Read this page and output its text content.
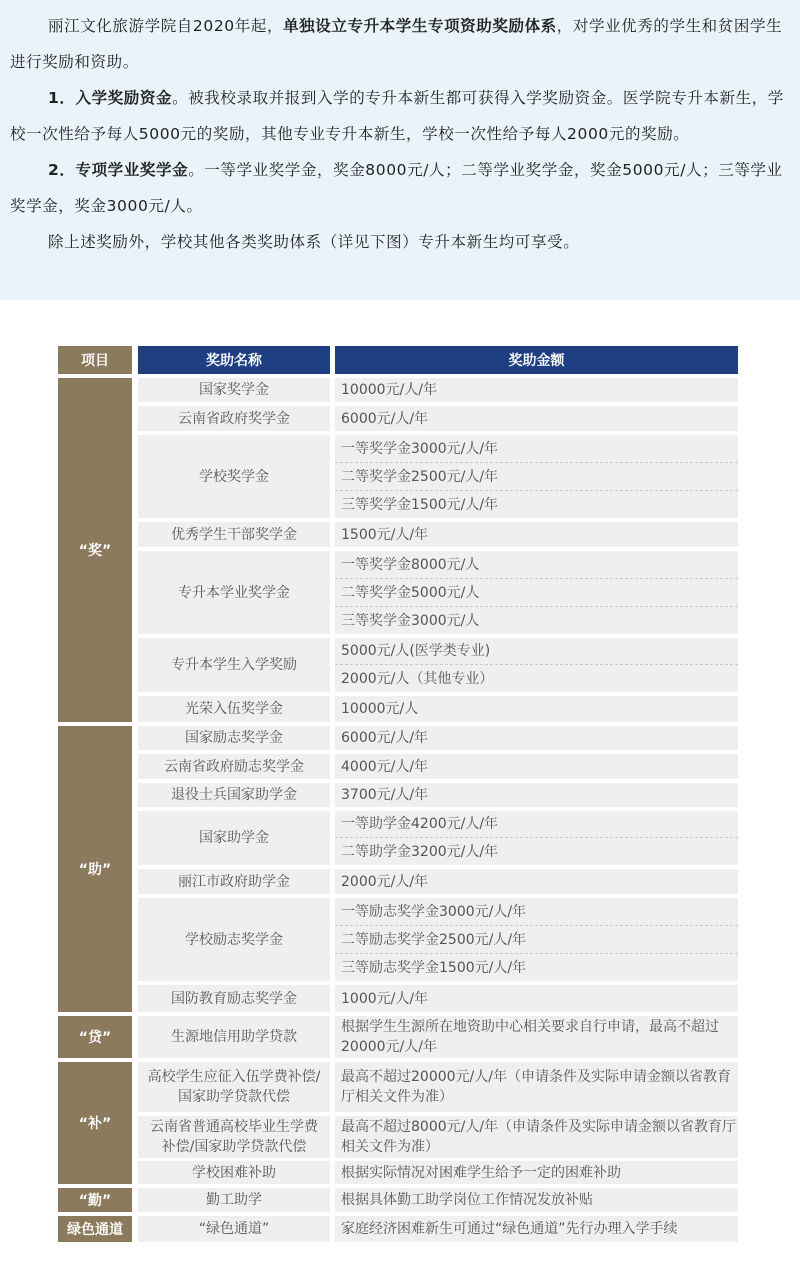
丽江文化旅游学院自2020年起，单独设立专升本学生专项资助奖励体系，对学业优秀的学生和贫困学生进行奖励和资助。

1．入学奖励资金。被我校录取并报到入学的专升本新生都可获得入学奖励资金。医学院专升本新生，学校一次性给予每人5000元的奖励，其他专业专升本新生，学校一次性给予每人2000元的奖励。

2．专项学业奖学金。一等学业奖学金，奖金8000元/人；二等学业奖学金，奖金5000元/人；三等学业奖学金，奖金3000元/人。

除上述奖励外，学校其他各类奖助体系（详见下图）专升本新生均可享受。

项目	奖助名称	奖助金额
“奖”
“助”
“贷”
“补”
“勤”
绿色通道
国家奖学金
云南省政府奖学金
学校奖学金
优秀学生干部奖学金
专升本学业奖学金
专升本学生入学奖励
光荣入伍奖学金
国家励志奖学金
云南省政府励志奖学金
退役士兵国家助学金
国家助学金
丽江市政府助学金
学校励志奖学金
国防教育励志奖学金
生源地信用助学贷款
高校学生应征入伍学费补偿/国家助学贷款代偿
云南省普通高校毕业生学费补偿/国家助学贷款代偿
学校困难补助
勤工助学
“绿色通道”
10000元/人/年
6000元/人/年
一等奖学金3000元/人/年
二等奖学金2500元/人/年
三等奖学金1500元/人/年
1500元/人/年
一等奖学金8000元/人
二等奖学金5000元/人
三等奖学金3000元/人
5000元/人(医学类专业)
2000元/人（其他专业）
10000元/人
6000元/人/年
4000元/人/年
3700元/人/年
一等助学金4200元/人/年
二等助学金3200元/人/年
2000元/人/年
一等励志奖学金3000元/人/年
二等励志奖学金2500元/人/年
三等励志奖学金1500元/人/年
1000元/人/年
根据学生生源所在地资助中心相关要求自行申请，最高不超过20000元/人/年
最高不超过20000元/人/年（申请条件及实际申请金额以省教育厅相关文件为准）
最高不超过8000元/人/年（申请条件及实际申请金额以省教育厅相关文件为准）
根据实际情况对困难学生给予一定的困难补助
根据具体勤工助学岗位工作情况发放补贴
家庭经济困难新生可通过“绿色通道”先行办理入学手续
